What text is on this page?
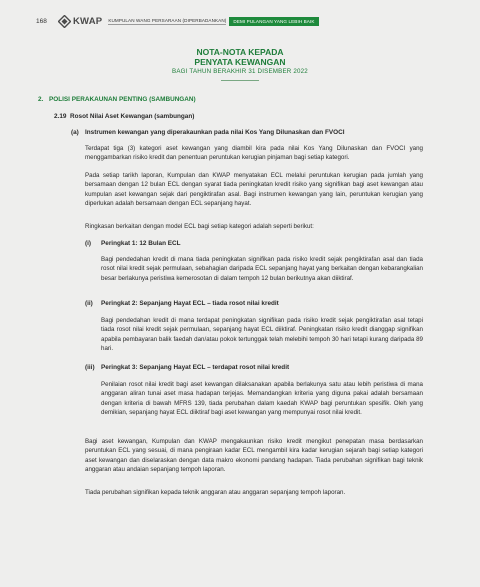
168	KWAP KUMPULAN WANG PERSARAAN (DIPERBADANKAN)	DEMI PULANGAN YANG LEBIH BAIK
NOTA-NOTA KEPADA
PENYATA KEWANGAN
BAGI TAHUN BERAKHIR 31 DISEMBER 2022
2. POLISI PERAKAUNAN PENTING (SAMBUNGAN)
2.19 Rosot Nilai Aset Kewangan (sambungan)
(a) Instrumen kewangan yang diperakaunkan pada nilai Kos Yang Dilunaskan dan FVOCI
Terdapat tiga (3) kategori aset kewangan yang diambil kira pada nilai Kos Yang Dilunaskan dan FVOCI yang menggambarkan risiko kredit dan penentuan peruntukan kerugian pinjaman bagi setiap kategori.
Pada setiap tarikh laporan, Kumpulan dan KWAP menyatakan ECL melalui peruntukan kerugian pada jumlah yang bersamaan dengan 12 bulan ECL dengan syarat tiada peningkatan kredit risiko yang signifikan bagi aset kewangan atau kumpulan aset kewangan sejak dari pengiktirafan asal. Bagi instrumen kewangan yang lain, peruntukan kerugian yang diperlukan adalah bersamaan dengan ECL sepanjang hayat.
Ringkasan berkaitan dengan model ECL bagi setiap kategori adalah seperti berikut:
(i) Peringkat 1: 12 Bulan ECL
Bagi pendedahan kredit di mana tiada peningkatan signifikan pada risiko kredit sejak pengiktirafan asal dan tiada rosot nilai kredit sejak permulaan, sebahagian daripada ECL sepanjang hayat yang berkaitan dengan kebarangkalian besar berlakunya peristiwa kemerosotan di dalam tempoh 12 bulan berikutnya akan diiktiraf.
(ii) Peringkat 2: Sepanjang Hayat ECL – tiada rosot nilai kredit
Bagi pendedahan kredit di mana terdapat peningkatan signifikan pada risiko kredit sejak pengiktirafan asal tetapi tiada rosot nilai kredit sejak permulaan, sepanjang hayat ECL diiktiraf. Peningkatan risiko kredit dianggap signifikan apabila pembayaran balik faedah dan/atau pokok tertunggak telah melebihi tempoh 30 hari tetapi kurang daripada 89 hari.
(iii) Peringkat 3: Sepanjang Hayat ECL – terdapat rosot nilai kredit
Penilaian rosot nilai kredit bagi aset kewangan dilaksanakan apabila berlakunya satu atau lebih peristiwa di mana anggaran aliran tunai aset masa hadapan terjejas. Memandangkan kriteria yang diguna pakai adalah bersamaan dengan kriteria di bawah MFRS 139, tiada perubahan dalam kaedah KWAP bagi peruntukan spesifik. Oleh yang demikian, sepanjang hayat ECL diiktiraf bagi aset kewangan yang mempunyai rosot nilai kredit.
Bagi aset kewangan, Kumpulan dan KWAP mengakaunkan risiko kredit mengikut penepatan masa berdasarkan peruntukan ECL yang sesuai, di mana pengiraan kadar ECL mengambil kira kadar kerugian sejarah bagi setiap kategori aset kewangan dan diselaraskan dengan data makro ekonomi pandang hadapan. Tiada perubahan signifikan bagi teknik anggaran atau andaian sepanjang tempoh laporan.
Tiada perubahan signifikan kepada teknik anggaran atau anggaran sepanjang tempoh laporan.
